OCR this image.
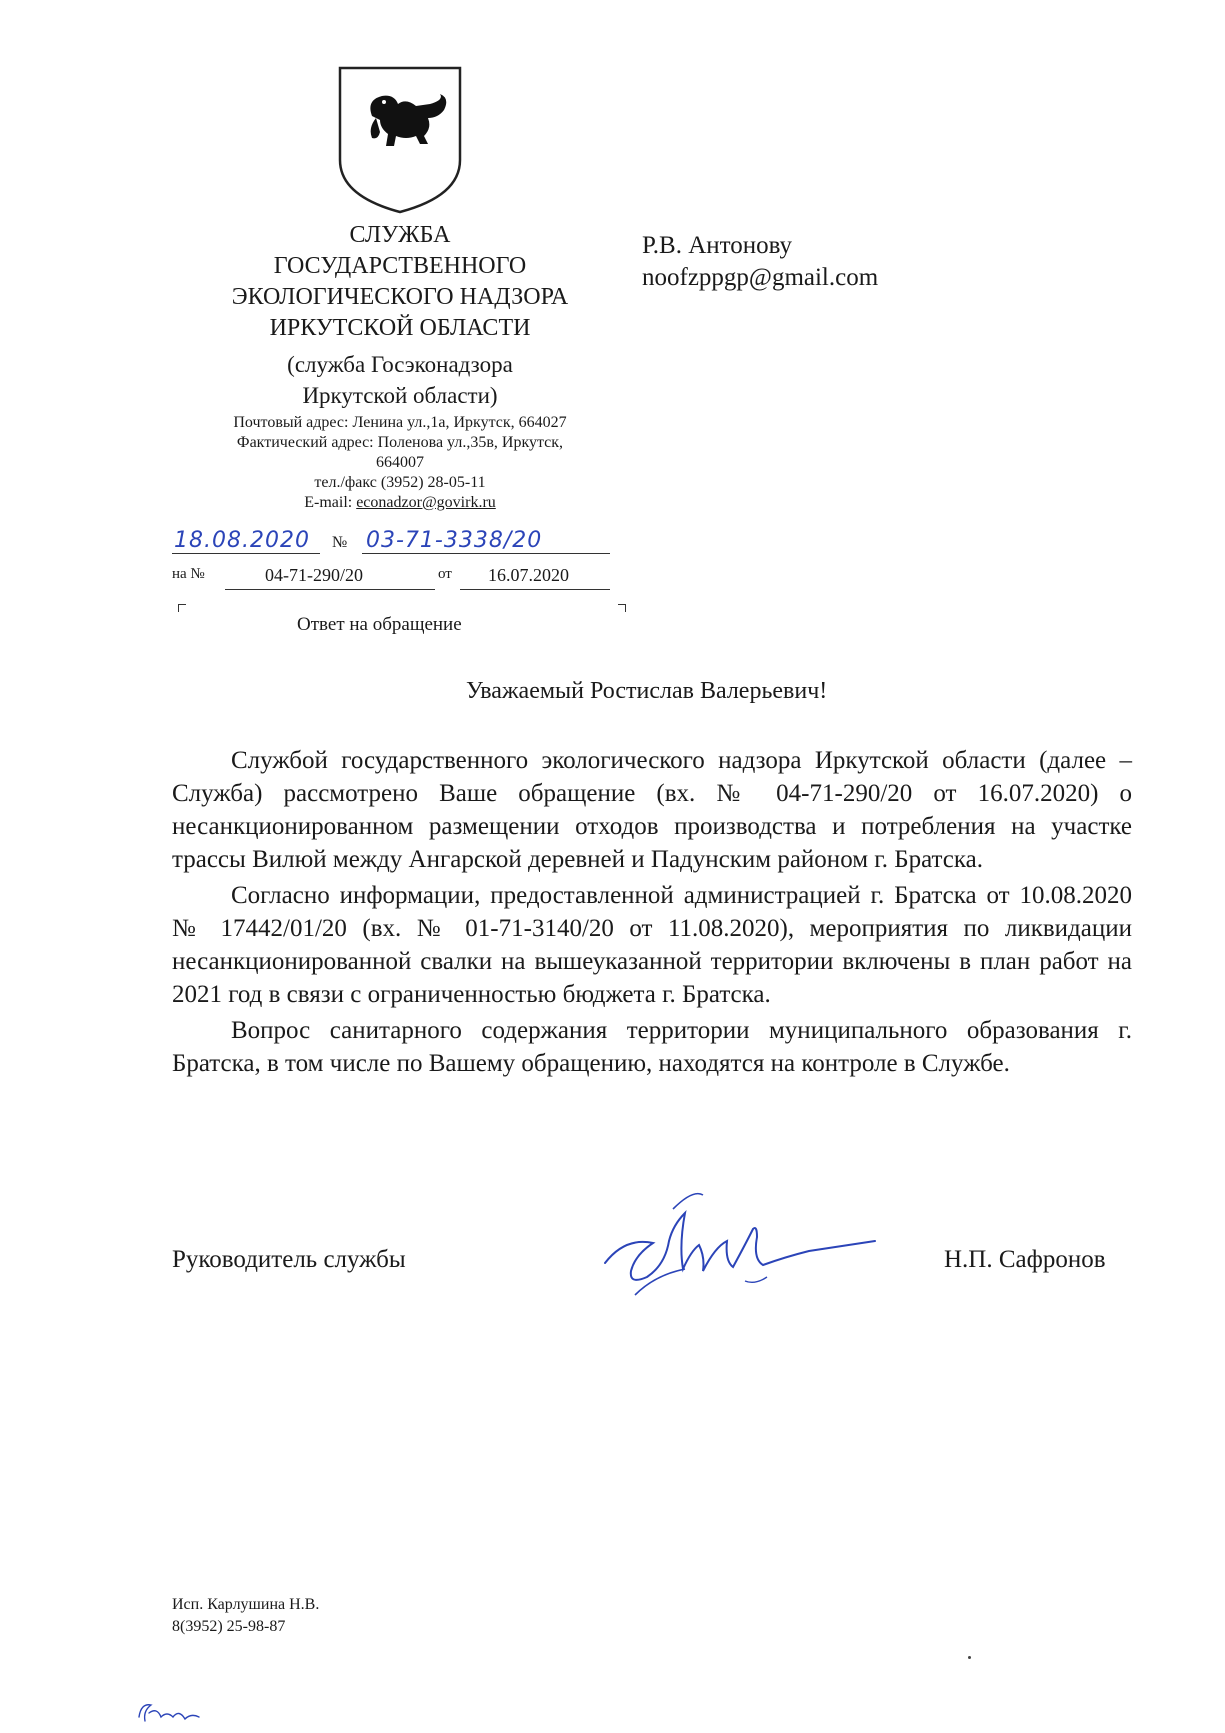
СЛУЖБА
ГОСУДАРСТВЕННОГО
ЭКОЛОГИЧЕСКОГО НАДЗОРА
ИРКУТСКОЙ ОБЛАСТИ
(служба Госэконадзора
Иркутской области)
Почтовый адрес: Ленина ул.,1а, Иркутск, 664027
Фактический адрес: Поленова ул.,35в, Иркутск,
664007
тел./факс (3952) 28-05-11
E-mail: econadzor@govirk.ru
18.08.2020 № 03-71-3338/20
на №	04-71-290/20	от 16.07.2020
Ответ на обращение
Р.В. Антонову
noofzppgp@gmail.com
Уважаемый Ростислав Валерьевич!

Службой государственного экологического надзора Иркутской области (далее – Служба) рассмотрено Ваше обращение (вх. № 04-71-290/20 от 16.07.2020) о несанкционированном размещении отходов производства и потребления на участке трассы Вилюй между Ангарской деревней и Падунским районом г. Братска.

Согласно информации, предоставленной администрацией г. Братска от 10.08.2020 № 17442/01/20 (вх. № 01-71-3140/20 от 11.08.2020), мероприятия по ликвидации несанкционированной свалки на вышеуказанной территории включены в план работ на 2021 год в связи с ограниченностью бюджета г. Братска.

Вопрос санитарного содержания территории муниципального образования г. Братска, в том числе по Вашему обращению, находятся на контроле в Службе.

Руководитель службы	Н.П. Сафронов
Исп. Карлушина Н.В.
8(3952) 25-98-87
